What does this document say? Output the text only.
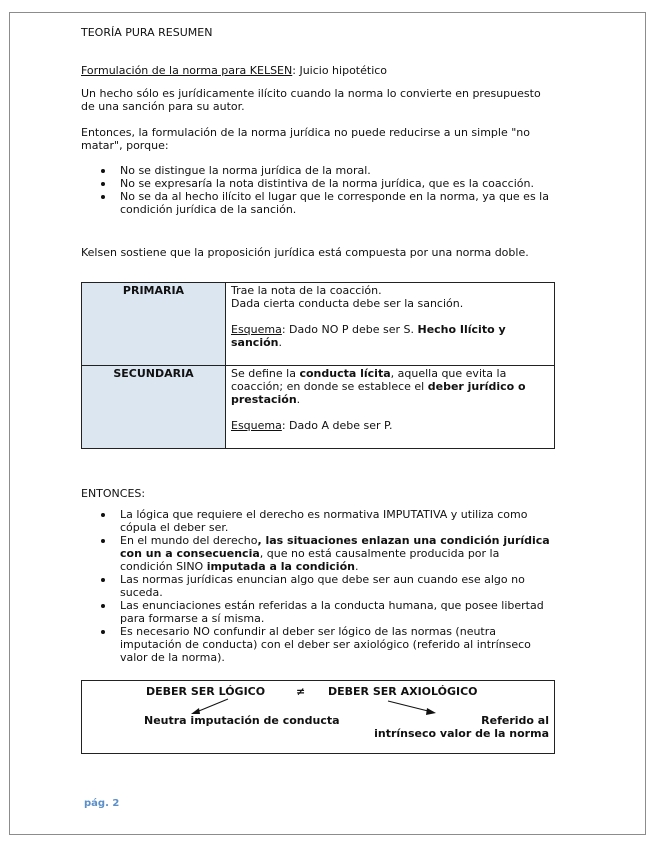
TEORÍA PURA RESUMEN
Formulación de la norma para KELSEN: Juicio hipotético
Un hecho sólo es jurídicamente ilícito cuando la norma lo convierte en presupuesto de una sanción para su autor.
Entonces, la formulación de la norma jurídica no puede reducirse a un simple "no matar", porque:
No se distingue la norma jurídica de la moral.
No se expresaría la nota distintiva de la norma jurídica, que es la coacción.
No se da al hecho ilícito el lugar que le corresponde en la norma, ya que es la condición jurídica de la sanción.
Kelsen sostiene que la proposición jurídica está compuesta por una norma doble.
PRIMARIA	Trae la nota de la coacción.
Dada cierta conducta debe ser la sanción.
Esquema: Dado NO P debe ser S. Hecho Ilícito y sanción.

SECUNDARIA	Se define la conducta lícita, aquella que evita la coacción; en donde se establece el deber jurídico o prestación.
Esquema: Dado A debe ser P.
ENTONCES:
La lógica que requiere el derecho es normativa IMPUTATIVA y utiliza como cópula el deber ser.
En el mundo del derecho, las situaciones enlazan una condición jurídica con un a consecuencia, que no está causalmente producida por la condición SINO imputada a la condición.
Las normas jurídicas enuncian algo que debe ser aun cuando ese algo no suceda.
Las enunciaciones están referidas a la conducta humana, que posee libertad para formarse a sí misma.
Es necesario NO confundir al deber ser lógico de las normas (neutra imputación de conducta) con el deber ser axiológico (referido al intrínseco valor de la norma).
DEBER SER LÓGICO	≠ DEBER SER AXIOLÓGICO
Neutra imputación de conducta	Referido al
intrínseco valor de la norma
pág. 2
